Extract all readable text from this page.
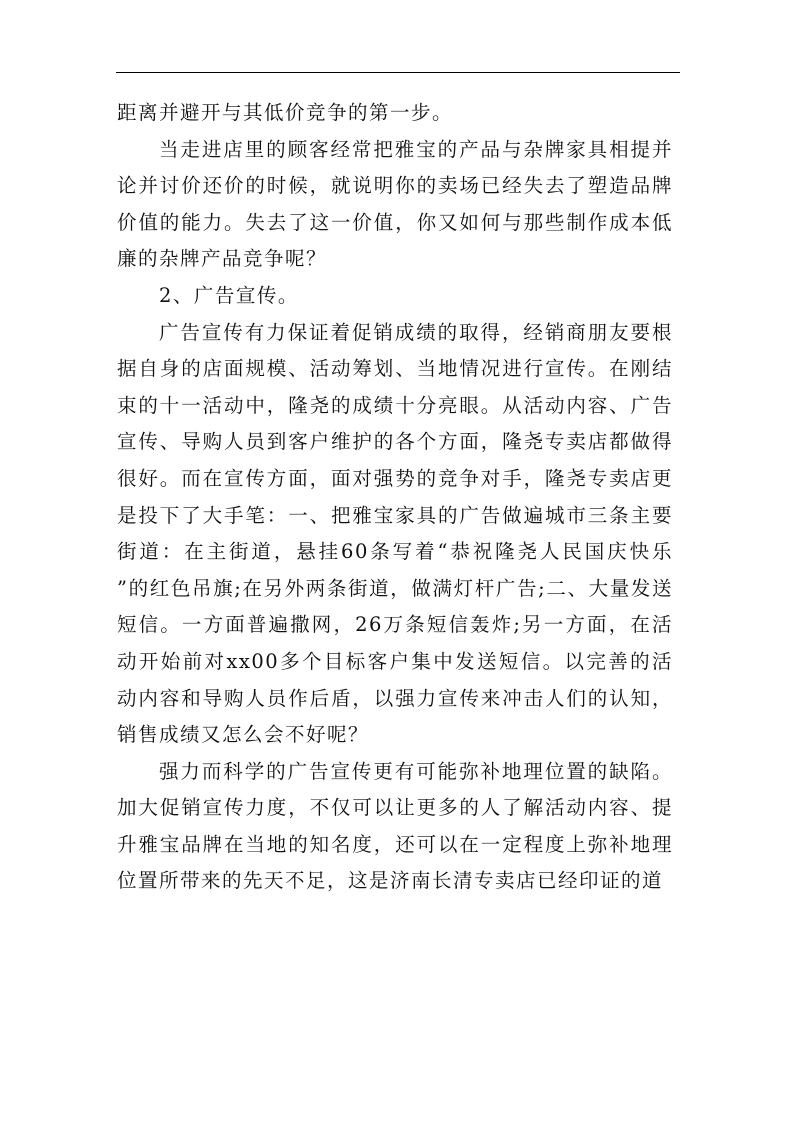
距离并避开与其低价竞争的第一步。

当走进店里的顾客经常把雅宝的产品与杂牌家具相提并论并讨价还价的时候，就说明你的卖场已经失去了塑造品牌价值的能力。失去了这一价值，你又如何与那些制作成本低廉的杂牌产品竞争呢？

2、广告宣传。

广告宣传有力保证着促销成绩的取得，经销商朋友要根据自身的店面规模、活动筹划、当地情况进行宣传。在刚结束的十一活动中，隆尧的成绩十分亮眼。从活动内容、广告宣传、导购人员到客户维护的各个方面，隆尧专卖店都做得很好。而在宣传方面，面对强势的竞争对手，隆尧专卖店更是投下了大手笔：一、把雅宝家具的广告做遍城市三条主要街道：在主街道，悬挂60条写着“恭祝隆尧人民国庆快乐 ”的红色吊旗;在另外两条街道，做满灯杆广告;二、大量发送短信。一方面普遍撒网，26万条短信轰炸;另一方面，在活动开始前对xx00多个目标客户集中发送短信。以完善的活动内容和导购人员作后盾，以强力宣传来冲击人们的认知，销售成绩又怎么会不好呢？

强力而科学的广告宣传更有可能弥补地理位置的缺陷。加大促销宣传力度，不仅可以让更多的人了解活动内容、提升雅宝品牌在当地的知名度，还可以在一定程度上弥补地理位置所带来的先天不足，这是济南长清专卖店已经印证的道
